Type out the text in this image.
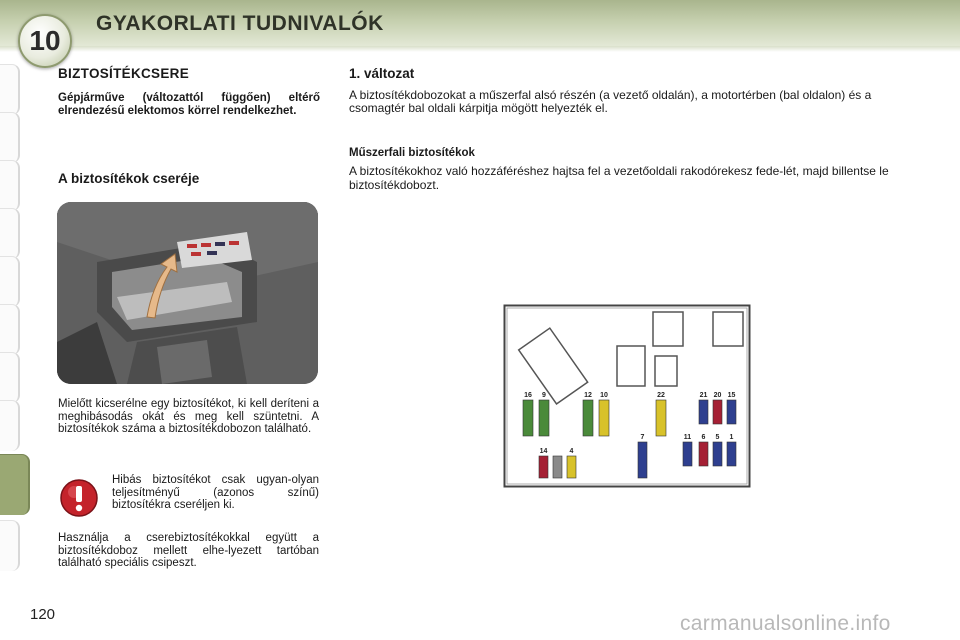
10
GYAKORLATI TUDNIVALÓK
BIZTOSÍTÉKCSERE
Gépjárműve (változattól függően) eltérő elrendezésű elektomos körrel rendelkezhet.
A biztosítékok cseréje
Mielőtt kicserélne egy biztosítékot, ki kell deríteni a meghibásodás okát és meg kell szüntetni. A biztosítékok száma a biztosítékdobozon található.
Hibás biztosítékot csak ugyan-olyan teljesítményű (azonos színű) biztosítékra cseréljen ki.
Használja a cserebiztosítékokkal együtt a biztosítékdoboz mellett elhe-lyezett tartóban található speciális csipeszt.
1. változat

A biztosítékdobozokat a műszerfal alsó részén (a vezető oldalán), a motortérben (bal oldalon) és a csomagtér bal oldali kárpitja mögött helyezték el.

Műszerfali biztosítékok

A biztosítékokhoz való hozzáféréshez hajtsa fel a vezetőoldali rakodórekesz fede-lét, majd billentse le biztosítékdobozt.

16 9	12 10	22	21 20 15
14	4
7	11 6 5 1
120	carmanualsonline.info
